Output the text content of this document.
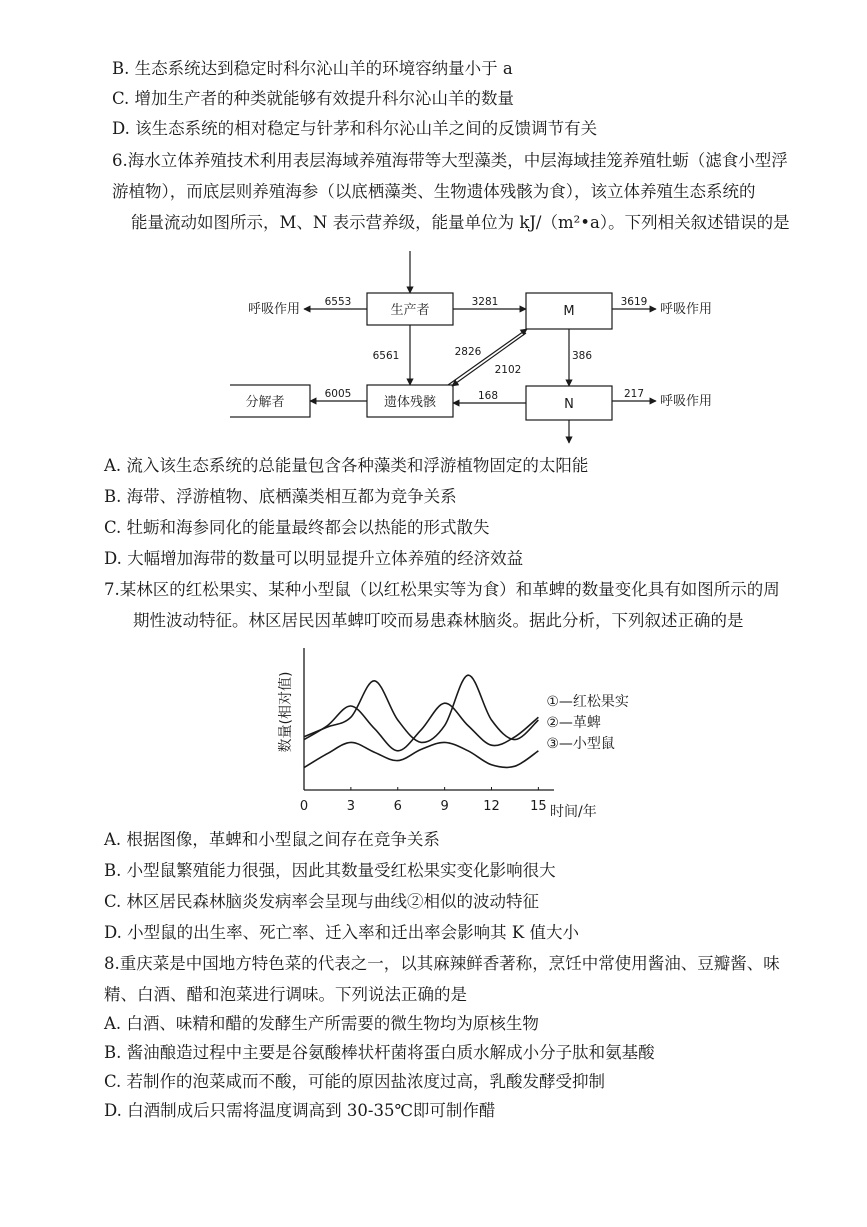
B. 生态系统达到稳定时科尔沁山羊的环境容纳量小于 a
C. 增加生产者的种类就能够有效提升科尔沁山羊的数量
D. 该生态系统的相对稳定与针茅和科尔沁山羊之间的反馈调节有关
6.海水立体养殖技术利用表层海域养殖海带等大型藻类，中层海域挂笼养殖牡蛎（滤食小型浮
游植物），而底层则养殖海参（以底栖藻类、生物遗体残骸为食），该立体养殖生态系统的
能量流动如图所示，M、N 表示营养级，能量单位为 kJ/（m²•a）。下列相关叙述错误的是
生产者	M
N
遗体残骸
分解者
呼吸作用	呼吸作用
呼吸作用
6553	3281	3619
6561	2826
2102
386
6005	168	217
A. 流入该生态系统的总能量包含各种藻类和浮游植物固定的太阳能
B. 海带、浮游植物、底栖藻类相互都为竞争关系
C. 牡蛎和海参同化的能量最终都会以热能的形式散失
D. 大幅增加海带的数量可以明显提升立体养殖的经济效益
7.某林区的红松果实、某种小型鼠（以红松果实等为食）和革蜱的数量变化具有如图所示的周
期性波动特征。林区居民因革蜱叮咬而易患森林脑炎。据此分析，下列叙述正确的是
0	3	6	9	12 15
数量(相对值)
时间/年
①—红松果实
②—革蜱
③—小型鼠
A. 根据图像，革蜱和小型鼠之间存在竞争关系
B. 小型鼠繁殖能力很强，因此其数量受红松果实变化影响很大
C. 林区居民森林脑炎发病率会呈现与曲线②相似的波动特征
D. 小型鼠的出生率、死亡率、迁入率和迁出率会影响其 K 值大小
8.重庆菜是中国地方特色菜的代表之一，以其麻辣鲜香著称，烹饪中常使用酱油、豆瓣酱、味
精、白酒、醋和泡菜进行调味。下列说法正确的是
A. 白酒、味精和醋的发酵生产所需要的微生物均为原核生物
B. 酱油酿造过程中主要是谷氨酸棒状杆菌将蛋白质水解成小分子肽和氨基酸
C. 若制作的泡菜咸而不酸，可能的原因盐浓度过高，乳酸发酵受抑制
D. 白酒制成后只需将温度调高到 30-35℃即可制作醋
